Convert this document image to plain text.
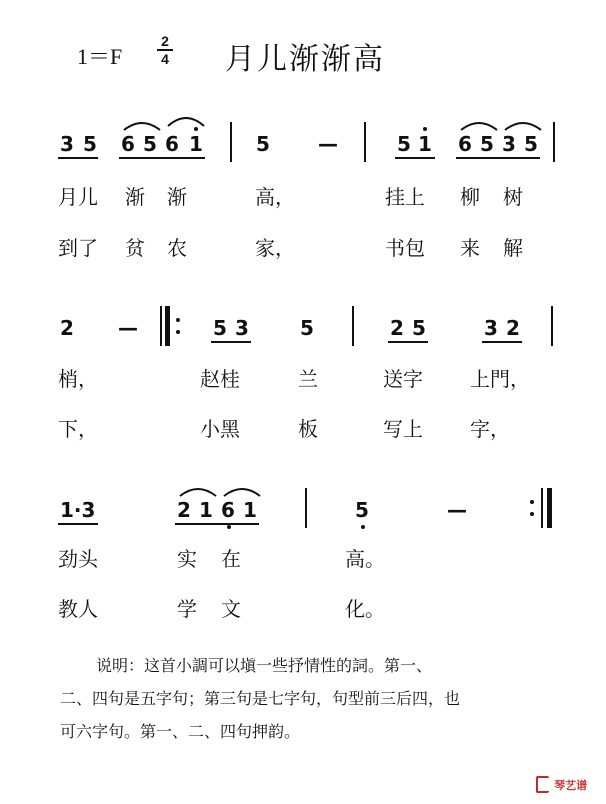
1＝F
2
4 月儿渐渐高
3 5 6 5 6 1	5 —	5 1 6 5 3 5
月儿 渐 渐	高，	挂上 柳 树
到了 贫 农	家，	书包 来 解
2 —	5 3	5	2 5	3 2
梢，	赵桂	兰	送字 上門，
下，	小黑	板	写上 字，
1·3	2 1 6 1	5	—
劲头	实 在	高。
教人	学 文	化。
说明：这首小調可以塡一些抒情性的詞。第一、
二、四句是五字句；第三句是七字句，句型前三后四，也
可六字句。第一、二、四句押韵。
琴艺谱
